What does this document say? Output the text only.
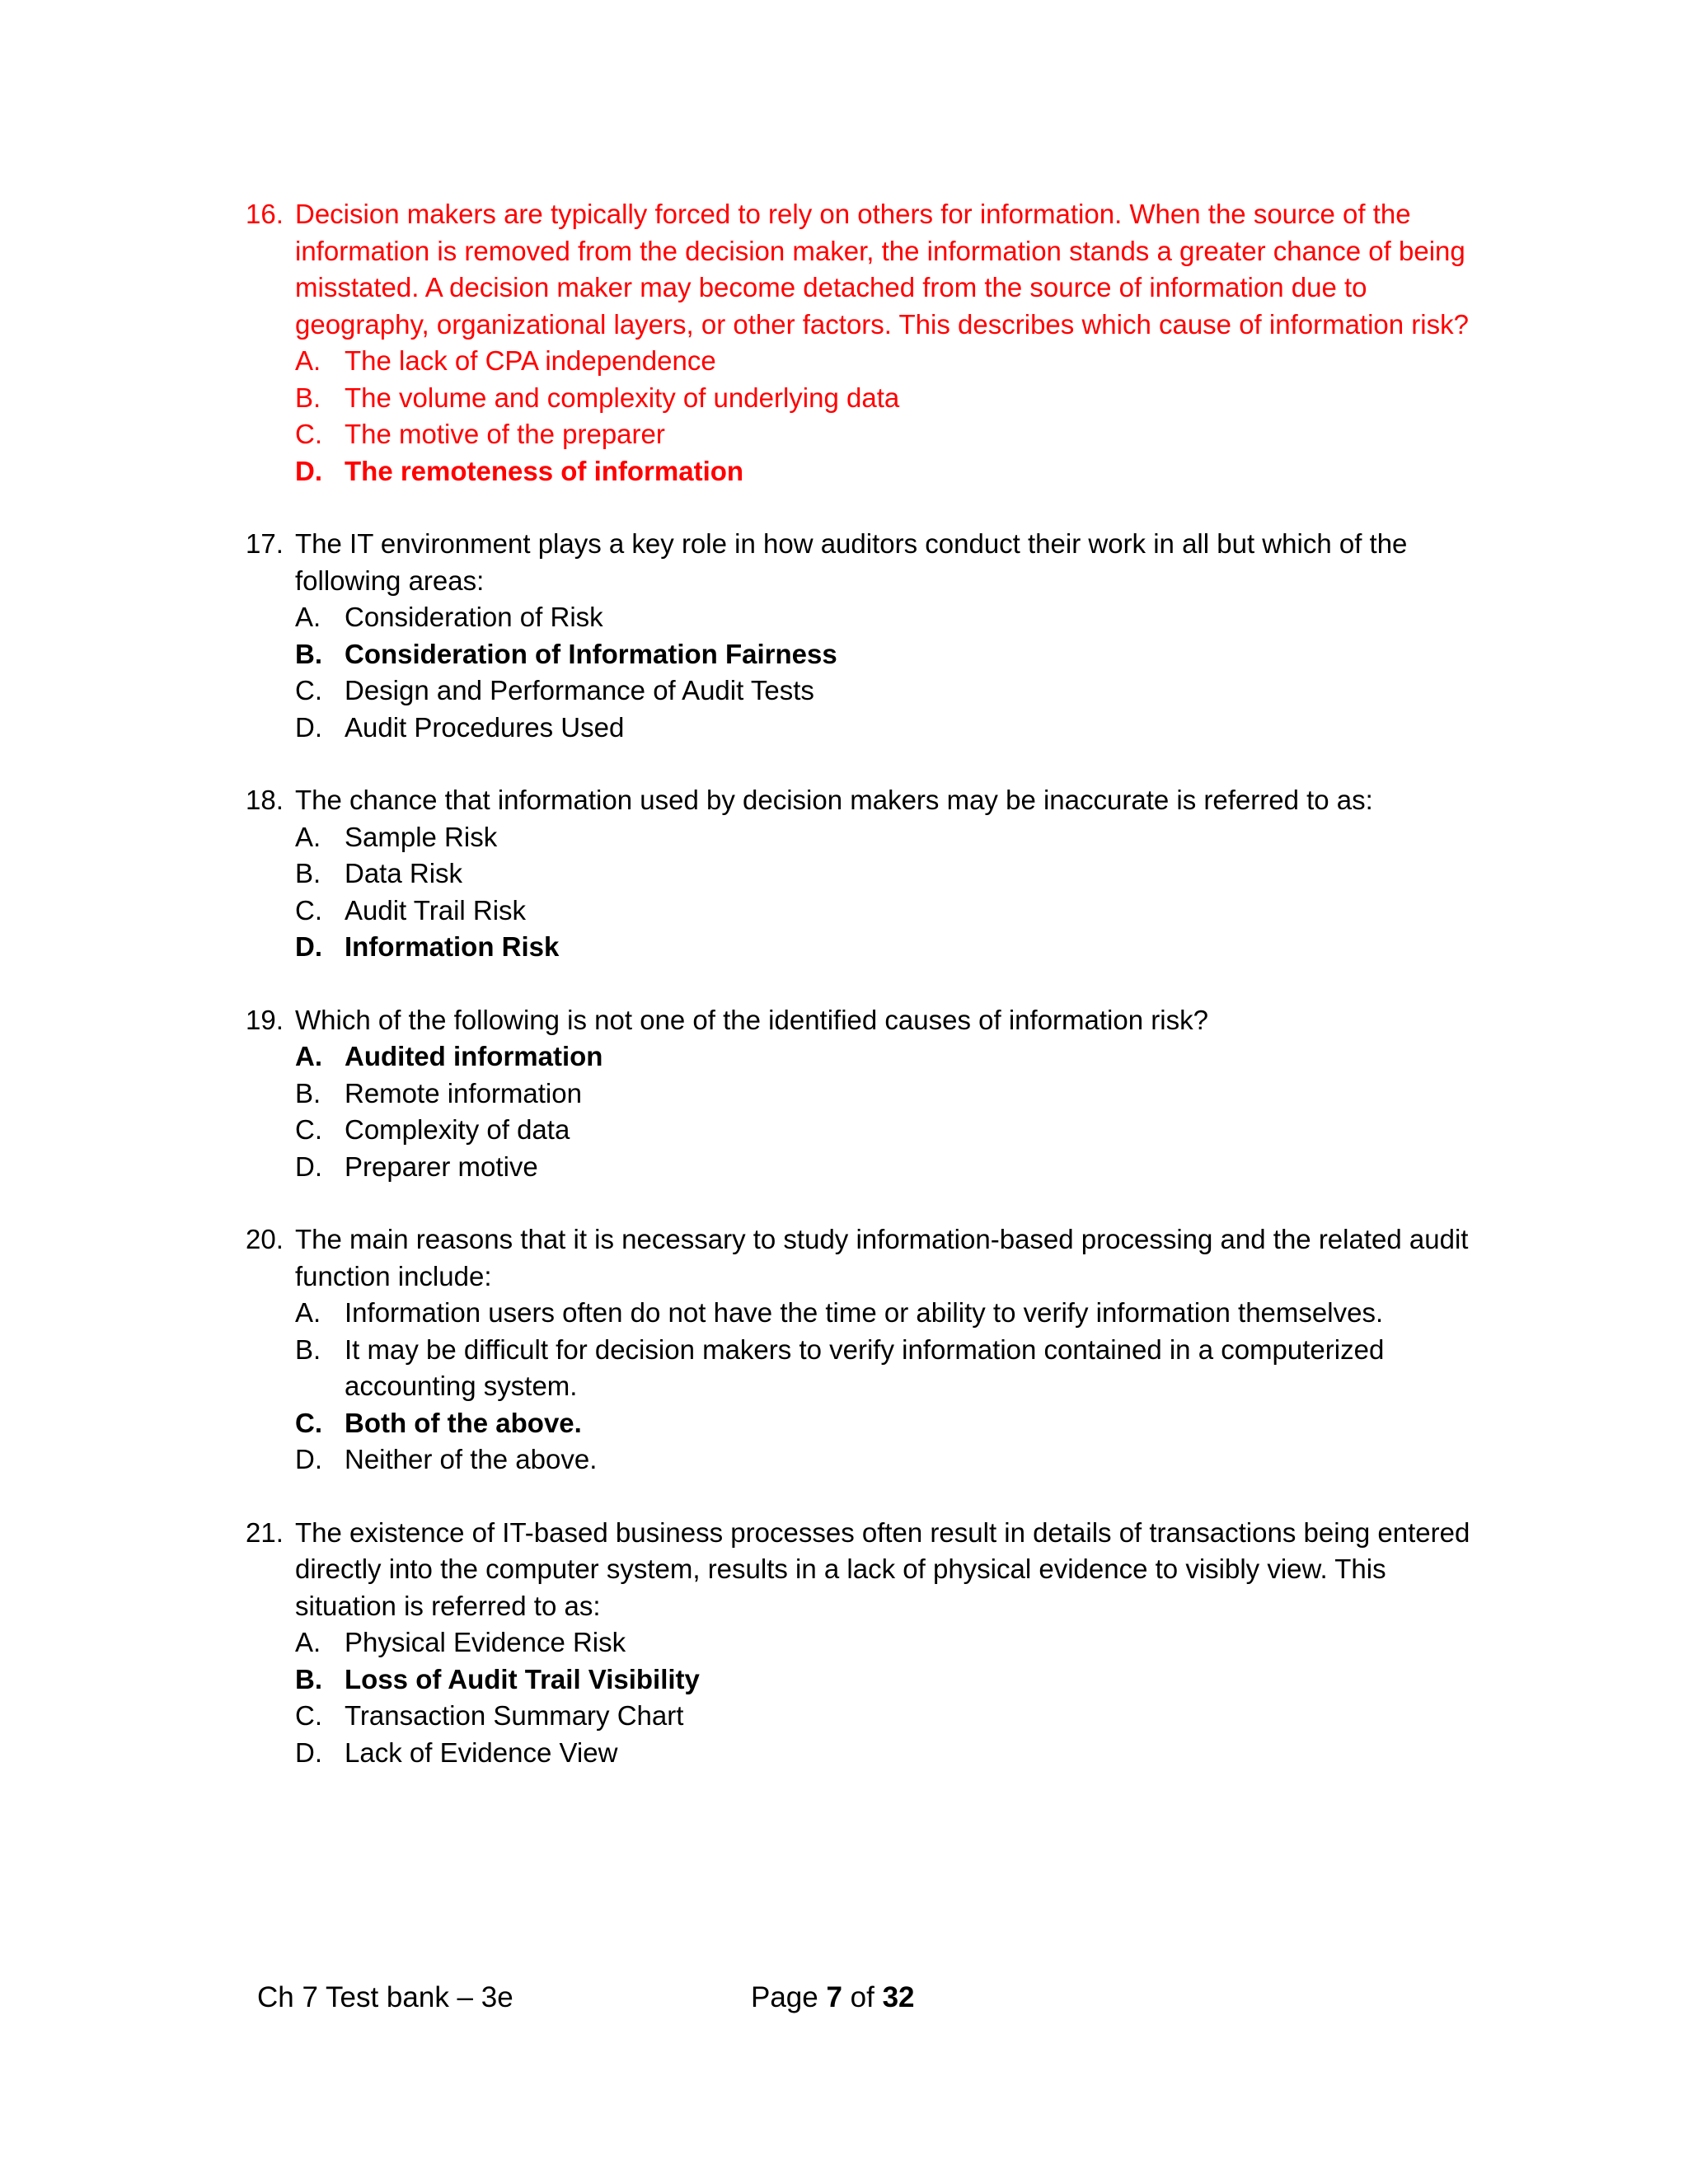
16. Decision makers are typically forced to rely on others for information. When the source of the information is removed from the decision maker, the information stands a greater chance of being misstated. A decision maker may become detached from the source of information due to geography, organizational layers, or other factors. This describes which cause of information risk?
A. The lack of CPA independence
B. The volume and complexity of underlying data
C. The motive of the preparer
D. The remoteness of information
17. The IT environment plays a key role in how auditors conduct their work in all but which of the following areas:
A. Consideration of Risk
B. Consideration of Information Fairness
C. Design and Performance of Audit Tests
D. Audit Procedures Used
18. The chance that information used by decision makers may be inaccurate is referred to as:
A. Sample Risk
B. Data Risk
C. Audit Trail Risk
D. Information Risk
19. Which of the following is not one of the identified causes of information risk?
A. Audited information
B. Remote information
C. Complexity of data
D. Preparer motive
20. The main reasons that it is necessary to study information-based processing and the related audit function include:
A. Information users often do not have the time or ability to verify information themselves.
B. It may be difficult for decision makers to verify information contained in a computerized accounting system.
C. Both of the above.
D. Neither of the above.
21. The existence of IT-based business processes often result in details of transactions being entered directly into the computer system, results in a lack of physical evidence to visibly view. This situation is referred to as:
A. Physical Evidence Risk
B. Loss of Audit Trail Visibility
C. Transaction Summary Chart
D. Lack of Evidence View
Ch 7 Test bank – 3e	Page 7 of 32
